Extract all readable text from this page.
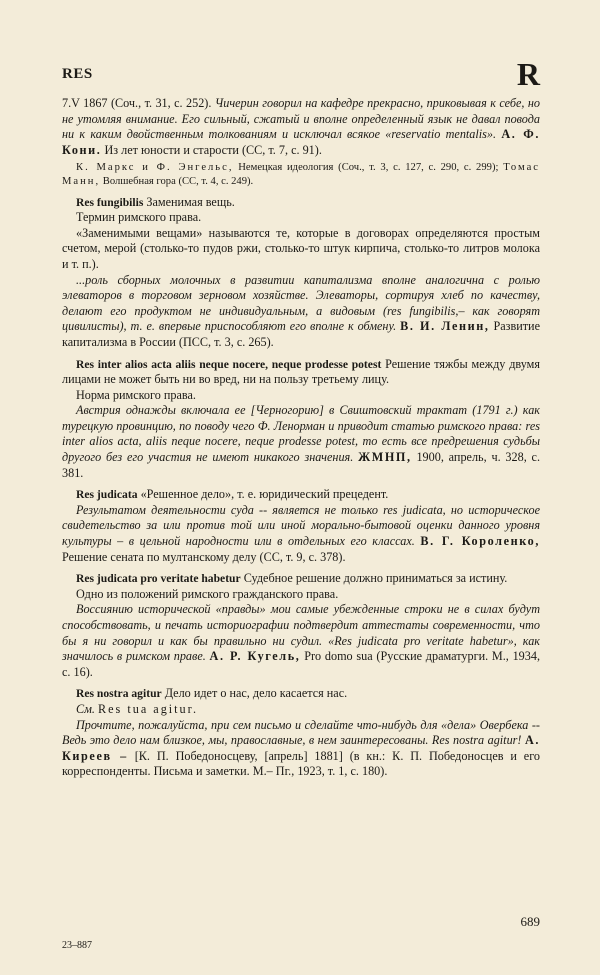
RES	R

7.V 1867 (Соч., т. 31, с. 252). Чичерин говорил на кафедре прекрасно, приковывая к себе, но не утомляя внимание. Его сильный, сжатый и вполне определенный язык не давал повода ни к каким двойственным толкованиям и исключал всякое «reservatio mentalis». А. Ф. Кони. Из лет юности и старости (СС, т. 7, с. 91).

К. Маркс и Ф. Энгельс, Немецкая идеология (Соч., т. 3, с. 127, с. 290, с. 299); Томас Манн, Волшебная гора (СС, т. 4, с. 249).

Res fungibilis Заменимая вещь.

Термин римского права.

«Заменимыми вещами» называются те, которые в договорах определяются простым счетом, мерой (столько-то пудов ржи, столько-то штук кирпича, столько-то литров молока и т. п.).

...роль сборных молочных в развитии капитализма вполне аналогична с ролью элеваторов в торговом зерновом хозяйстве. Элеваторы, сортируя хлеб по качеству, делают его продуктом не индивидуальным, а видовым (res fungibilis,– как говорят цивилисты), т. е. впервые приспособляют его вполне к обмену. В. И. Ленин, Развитие капитализма в России (ПСС, т. 3, с. 265).

Res inter alios acta aliis neque nocere, neque prodesse potest Решение тяжбы между двумя лицами не может быть ни во вред, ни на пользу третьему лицу.

Норма римского права.

Австрия однажды включала ее [Черногорию] в Свиштовский трактат (1791 г.) как турецкую провинцию, по поводу чего Ф. Ленорман и приводит статью римского права: res inter alios acta, aliis neque nocere, neque prodesse potest, то есть все предрешения судьбы другого без его участия не имеют никакого значения. ЖМНП, 1900, апрель, ч. 328, с. 381.

Res judicata «Решенное дело», т. е. юридический прецедент.

Результатом деятельности суда -- является не только res judicata, но историческое свидетельство за или против той или иной морально-бытовой оценки данного уровня культуры – в цельной народности или в отдельных его классах. В. Г. Короленко, Решение сената по мултанскому делу (СС, т. 9, с. 378).

Res judicata pro veritate habetur Судебное решение должно приниматься за истину.

Одно из положений римского гражданского права.

Воссиянию исторической «правды» мои самые убежденные строки не в силах будут способствовать, и печать историографии подтвердит аттестаты современности, что бы я ни говорил и как бы правильно ни судил. «Res judicata pro veritate habetur», как значилось в римском праве. А. Р. Кугель, Pro domo sua (Русские драматурги. М., 1934, с. 16).

Res nostra agitur Дело идет о нас, дело касается нас.

См. Res tua agitur.

Прочтите, пожалуйста, при сем письмо и сделайте что-нибудь для «дела» Овербека -- Ведь это дело нам близкое, мы, православные, в нем заинтересованы. Res nostra agitur! А. Киреев – [К. П. Победоносцеву, [апрель] 1881] (в кн.: К. П. Победоносцев и его корреспонденты. Письма и заметки. М.– Пг., 1923, т. 1, с. 180).

689
23–887
